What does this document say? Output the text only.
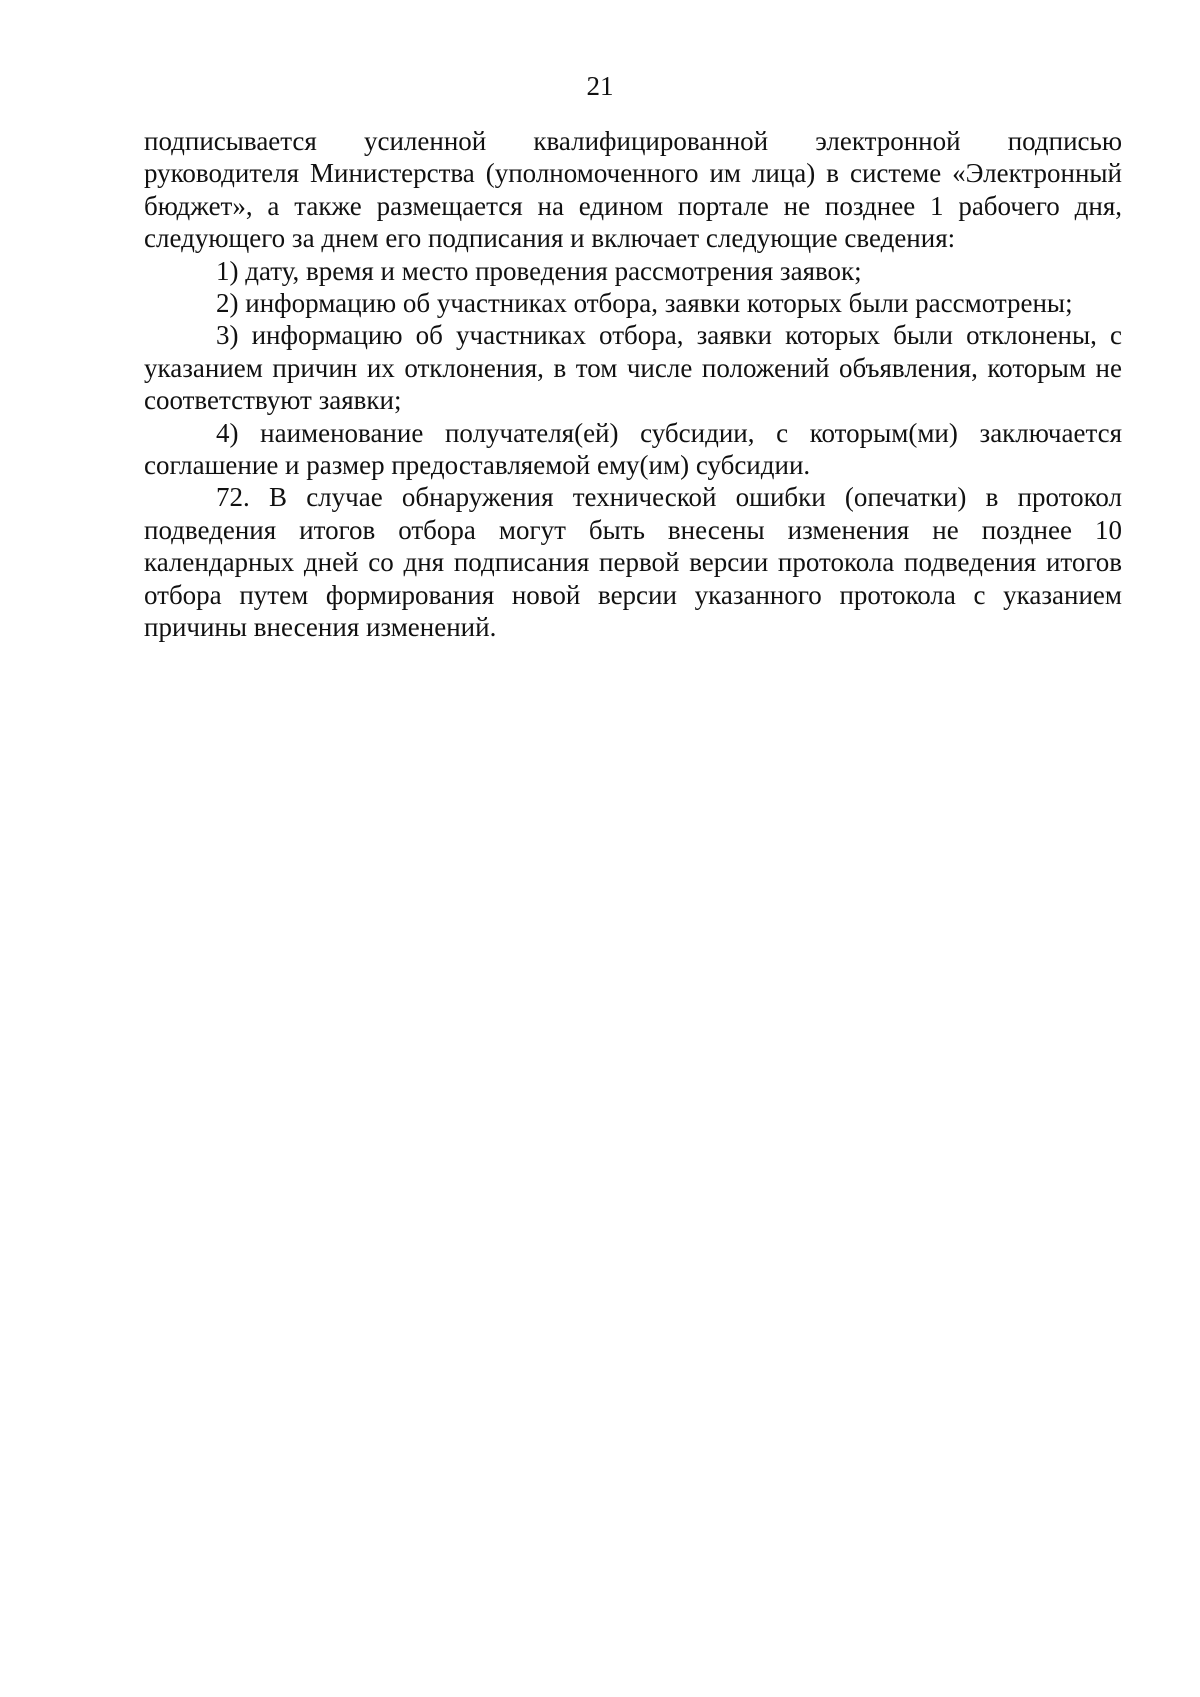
21

подписывается усиленной квалифицированной электронной подписью руководителя Министерства (уполномоченного им лица) в системе «Электронный бюджет», а также размещается на едином портале не позднее 1 рабочего дня, следующего за днем его подписания и включает следующие сведения:

1) дату, время и место проведения рассмотрения заявок;

2) информацию об участниках отбора, заявки которых были рассмотрены;

3) информацию об участниках отбора, заявки которых были отклонены, с указанием причин их отклонения, в том числе положений объявления, которым не соответствуют заявки;

4) наименование получателя(ей) субсидии, с которым(ми) заключается соглашение и размер предоставляемой ему(им) субсидии.

72. В случае обнаружения технической ошибки (опечатки) в протокол подведения итогов отбора могут быть внесены изменения не позднее 10 календарных дней со дня подписания первой версии протокола подведения итогов отбора путем формирования новой версии указанного протокола с указанием причины внесения изменений.
